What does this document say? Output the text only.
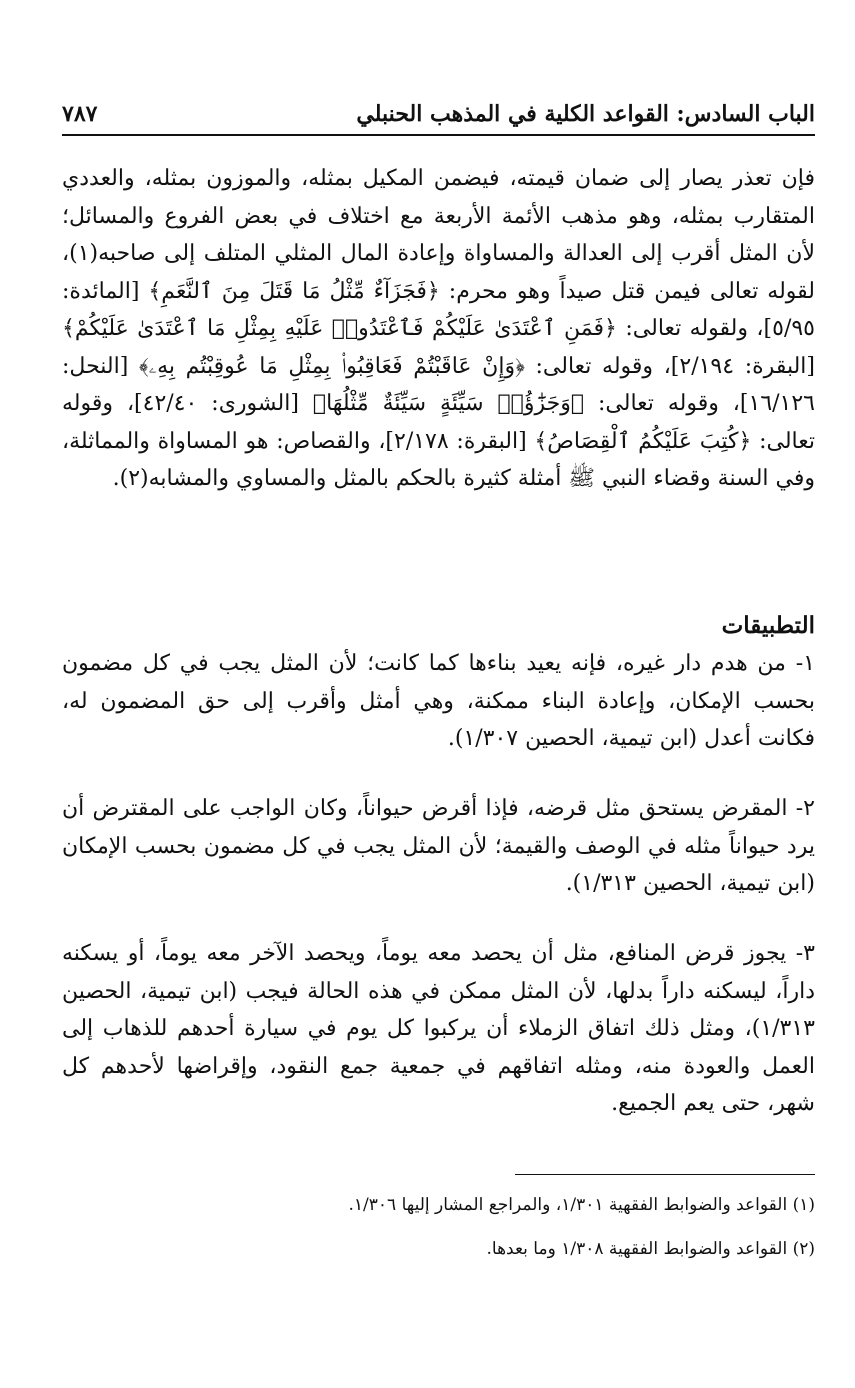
الباب السادس: القواعد الكلية في المذهب الحنبلي
٧٨٧
فإن تعذر يصار إلى ضمان قيمته، فيضمن المكيل بمثله، والموزون بمثله، والعددي المتقارب بمثله، وهو مذهب الأئمة الأربعة مع اختلاف في بعض الفروع والمسائل؛ لأن المثل أقرب إلى العدالة والمساواة وإعادة المال المثلي المتلف إلى صاحبه(١)، لقوله تعالى فيمن قتل صيداً وهو محرم: ﴿فَجَزَآءٌ مِّثْلُ مَا قَتَلَ مِنَ ٱلنَّعَمِ﴾ [المائدة: ٥/٩٥]، ولقوله تعالى: ﴿فَمَنِ ٱعْتَدَىٰ عَلَيْكُمْ فَٱعْتَدُوا۟ عَلَيْهِ بِمِثْلِ مَا ٱعْتَدَىٰ عَلَيْكُمْ﴾ [البقرة: ٢/١٩٤]، وقوله تعالى: ﴿وَإِنْ عَاقَبْتُمْ فَعَاقِبُوا۟ بِمِثْلِ مَا عُوقِبْتُم بِهِۦ﴾ [النحل: ١٦/١٢٦]، وقوله تعالى: ﴿وَجَزَٰٓؤُا۟ سَيِّئَةٍ سَيِّئَةٌ مِّثْلُهَا﴾ [الشورى: ٤٢/٤٠]، وقوله تعالى: ﴿كُتِبَ عَلَيْكُمُ ٱلْقِصَاصُ﴾ [البقرة: ٢/١٧٨]، والقصاص: هو المساواة والمماثلة، وفي السنة وقضاء النبي ﷺ أمثلة كثيرة بالحكم بالمثل والمساوي والمشابه(٢).
التطبيقات
١- من هدم دار غيره، فإنه يعيد بناءها كما كانت؛ لأن المثل يجب في كل مضمون بحسب الإمكان، وإعادة البناء ممكنة، وهي أمثل وأقرب إلى حق المضمون له، فكانت أعدل (ابن تيمية، الحصين ١/٣٠٧).
٢- المقرض يستحق مثل قرضه، فإذا أقرض حيواناً، وكان الواجب على المقترض أن يرد حيواناً مثله في الوصف والقيمة؛ لأن المثل يجب في كل مضمون بحسب الإمكان (ابن تيمية، الحصين ١/٣١٣).
٣- يجوز قرض المنافع، مثل أن يحصد معه يوماً، ويحصد الآخر معه يوماً، أو يسكنه داراً، ليسكنه داراً بدلها، لأن المثل ممكن في هذه الحالة فيجب (ابن تيمية، الحصين ١/٣١٣)، ومثل ذلك اتفاق الزملاء أن يركبوا كل يوم في سيارة أحدهم للذهاب إلى العمل والعودة منه، ومثله اتفاقهم في جمعية جمع النقود، وإقراضها لأحدهم كل شهر، حتى يعم الجميع.
(١) القواعد والضوابط الفقهية ١/٣٠١، والمراجع المشار إليها ١/٣٠٦.
(٢) القواعد والضوابط الفقهية ١/٣٠٨ وما بعدها.
